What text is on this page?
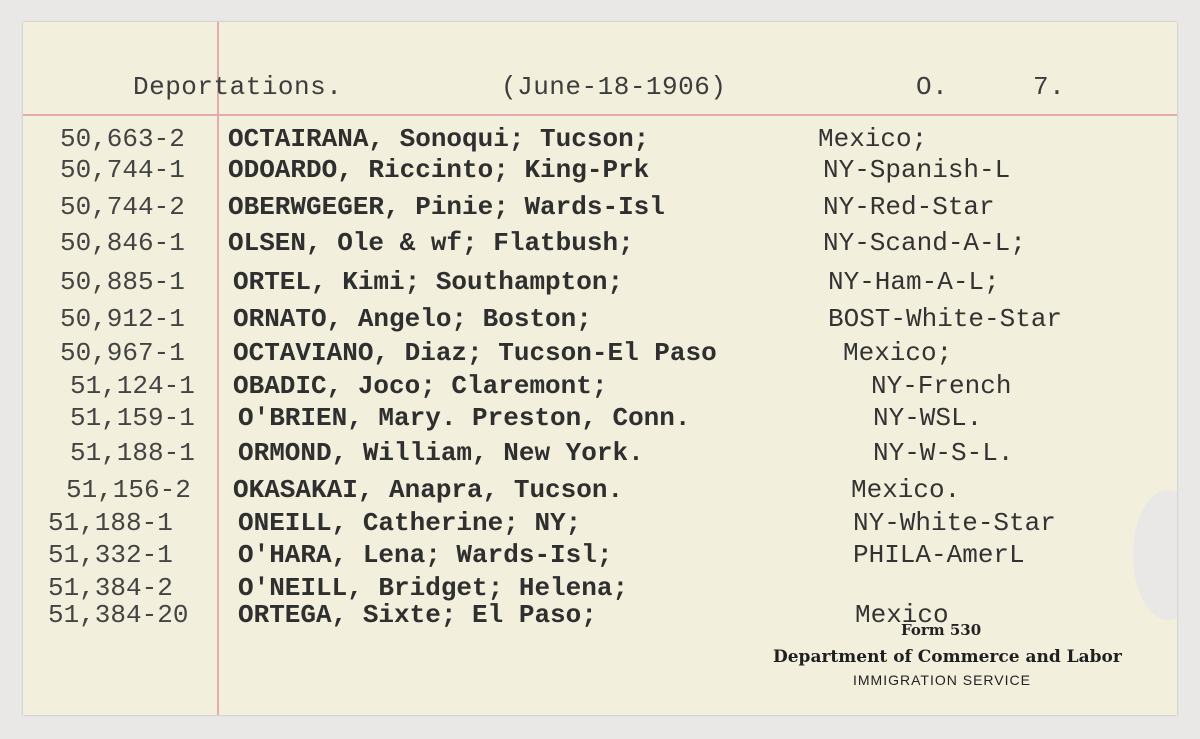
Deportations.	(June-18-1906)	O.	7.
50,663-2 OCTAIRANA, Sonoqui; Tucson;	Mexico;
50,744-1 ODOARDO, Riccinto; King-Prk	NY-Spanish-L
50,744-2 OBERWGEGER, Pinie; Wards-Isl	NY-Red-Star
50,846-1 OLSEN, Ole & wf; Flatbush;	NY-Scand-A-L;
50,885-1 ORTEL, Kimi; Southampton;	NY-Ham-A-L;
50,912-1 ORNATO, Angelo; Boston;	BOST-White-Star
50,967-1 OCTAVIANO, Diaz; Tucson-El Paso	Mexico;
51,124-1 OBADIC, Joco; Claremont;	NY-French
51,159-1 O'BRIEN, Mary. Preston, Conn.	NY-WSL.
51,188-1 ORMOND, William, New York.	NY-W-S-L.
51,156-2 OKASAKAI, Anapra, Tucson.	Mexico.
51,188-1	ONEILL, Catherine; NY;	NY-White-Star
51,332-1	O'HARA, Lena; Wards-Isl;	PHILA-AmerL
51,384-2	O'NEILL, Bridget; Helena;
51,384-20 ORTEGA, Sixte; El Paso;	Mexico
Form 530
Department of Commerce and Labor
IMMIGRATION SERVICE
